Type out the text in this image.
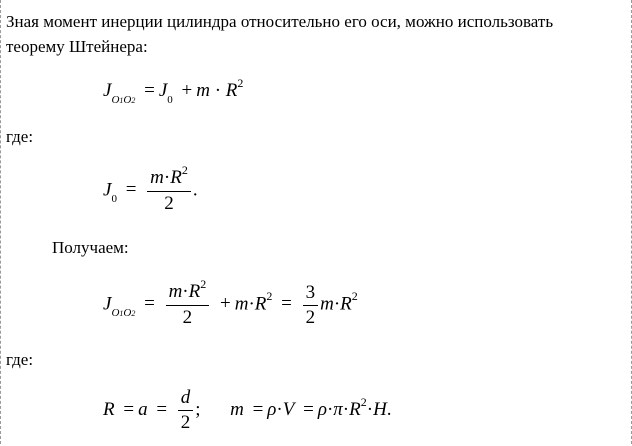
Зная момент инерции цилиндра относительно его оси, можно использовать
теорему Штейнера:
$J_{O1O2} = J_0 + m \cdot R^2$
где:
$J_0 = \frac{m\cdot R^2}{2}$ .
Получаем:
$J_{O1O2} = \frac{m\cdot R^2}{2} + m\cdot R^2 = \frac{3}{2} m\cdot R^2$
где:
$R = a = \frac{d}{2}$ ; $m = \rho\cdot V = \rho\cdot\pi\cdot R^2\cdot H$.
